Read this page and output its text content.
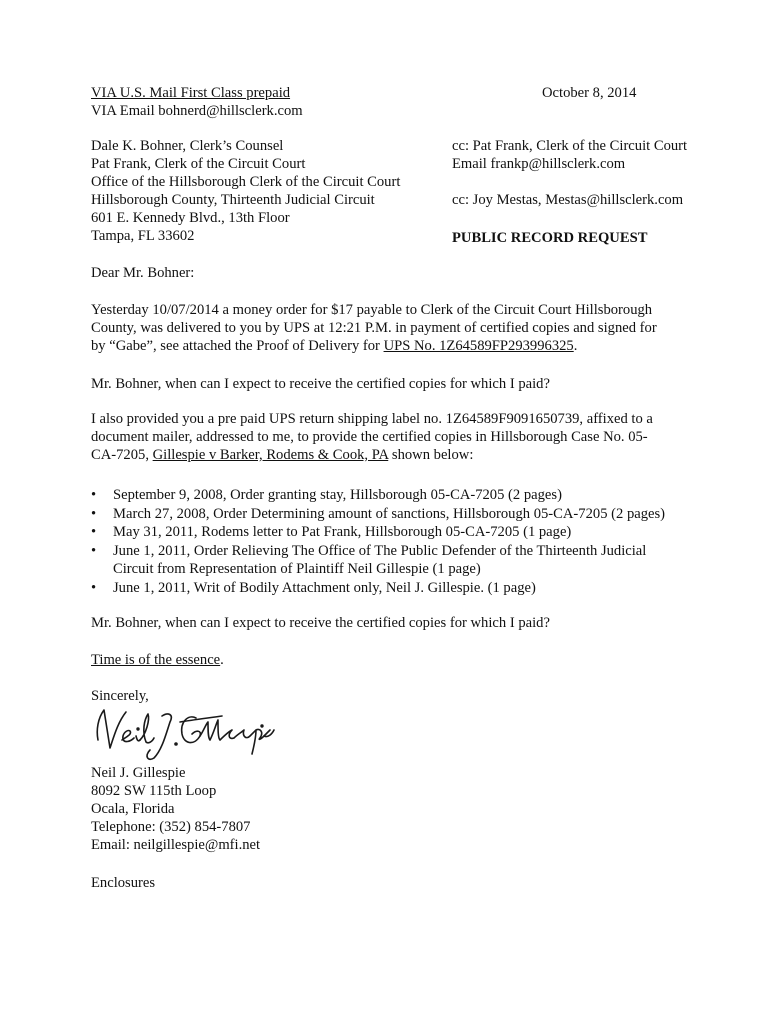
VIA U.S. Mail First Class prepaid
VIA Email bohnerd@hillsclerk.com
October 8, 2014
Dale K. Bohner, Clerk’s Counsel
Pat Frank, Clerk of the Circuit Court
Office of the Hillsborough Clerk of the Circuit Court
Hillsborough County, Thirteenth Judicial Circuit
601 E. Kennedy Blvd., 13th Floor
Tampa, FL 33602
cc: Pat Frank, Clerk of the Circuit Court
Email frankp@hillsclerk.com
cc: Joy Mestas, Mestas@hillsclerk.com
PUBLIC RECORD REQUEST
Dear Mr. Bohner:
Yesterday 10/07/2014 a money order for $17 payable to Clerk of the Circuit Court Hillsborough
County, was delivered to you by UPS at 12:21 P.M. in payment of certified copies and signed for
by “Gabe”, see attached the Proof of Delivery for UPS No. 1Z64589FP293996325.
Mr. Bohner, when can I expect to receive the certified copies for which I paid?
I also provided you a pre paid UPS return shipping label no. 1Z64589F9091650739, affixed to a
document mailer, addressed to me, to provide the certified copies in Hillsborough Case No. 05-
CA-7205, Gillespie v Barker, Rodems & Cook, PA shown below:
• September 9, 2008, Order granting stay, Hillsborough 05-CA-7205 (2 pages)
• March 27, 2008, Order Determining amount of sanctions, Hillsborough 05-CA-7205 (2 pages)
• May 31, 2011, Rodems letter to Pat Frank, Hillsborough 05-CA-7205 (1 page)
• June 1, 2011, Order Relieving The Office of The Public Defender of the Thirteenth Judicial
Circuit from Representation of Plaintiff Neil Gillespie (1 page)
• June 1, 2011, Writ of Bodily Attachment only, Neil J. Gillespie. (1 page)
Mr. Bohner, when can I expect to receive the certified copies for which I paid?
Time is of the essence.
Sincerely,
Neil J. Gillespie
8092 SW 115th Loop
Ocala, Florida
Telephone: (352) 854-7807
Email: neilgillespie@mfi.net
Enclosures
